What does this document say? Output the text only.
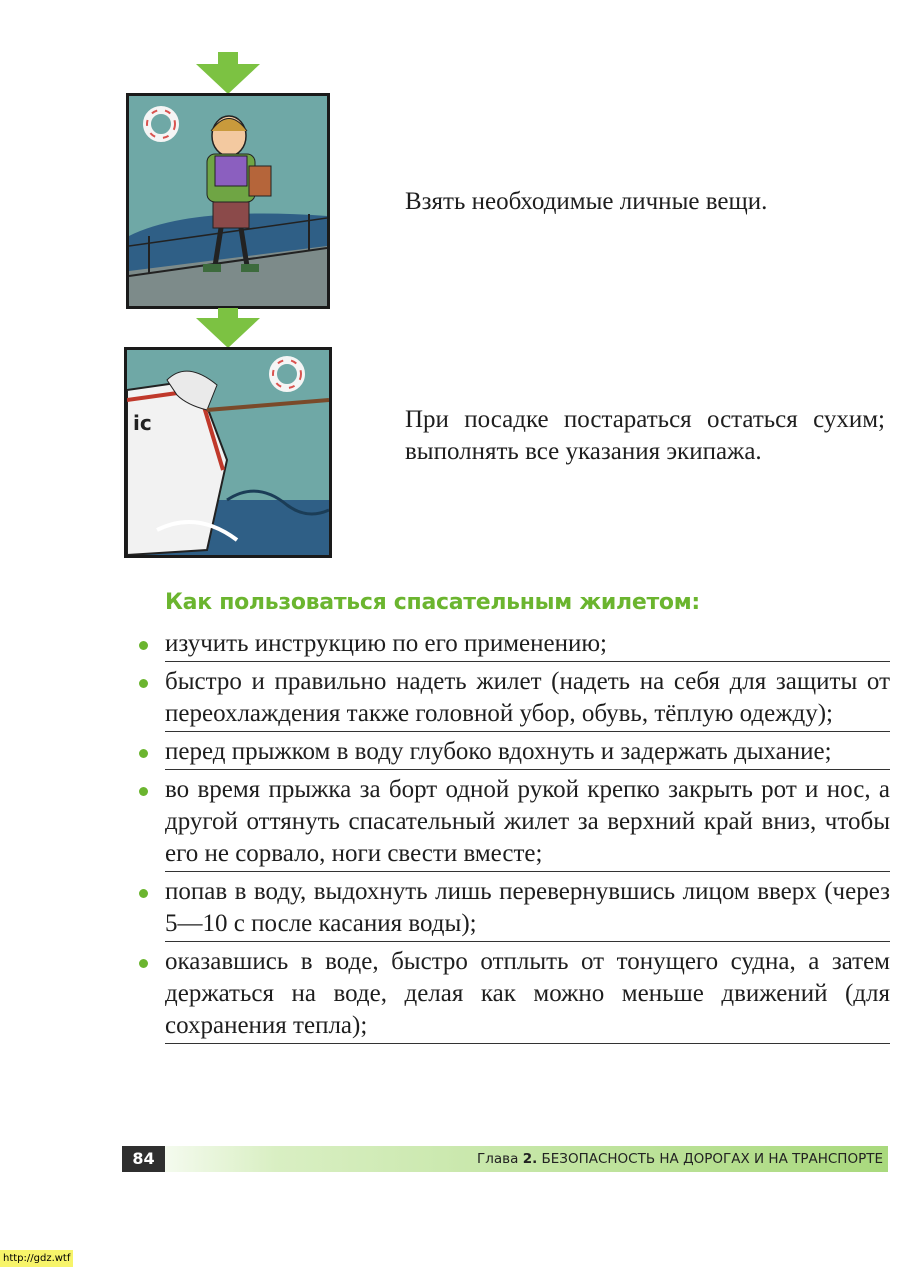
ic
Взять необходимые личные вещи.
При посадке постараться остаться сухим; выполнять все указания экипажа.
Как пользоваться спасательным жилетом:
изучить инструкцию по его применению;
быстро и правильно надеть жилет (надеть на себя для защиты от переохлаждения также головной убор, обувь, тёплую одежду);
перед прыжком в воду глубоко вдохнуть и задержать дыхание;
во время прыжка за борт одной рукой крепко закрыть рот и нос, а другой оттянуть спасательный жилет за верхний край вниз, чтобы его не сорвало, ноги свести вместе;
попав в воду, выдохнуть лишь перевернувшись лицом вверх (через 5—10 с после касания воды);
оказавшись в воде, быстро отплыть от тонущего судна, а затем держаться на воде, делая как можно меньше движений (для сохранения тепла);
84	Глава 2. БЕЗОПАСНОСТЬ НА ДОРОГАХ И НА ТРАНСПОРТЕ
http://gdz.wtf
